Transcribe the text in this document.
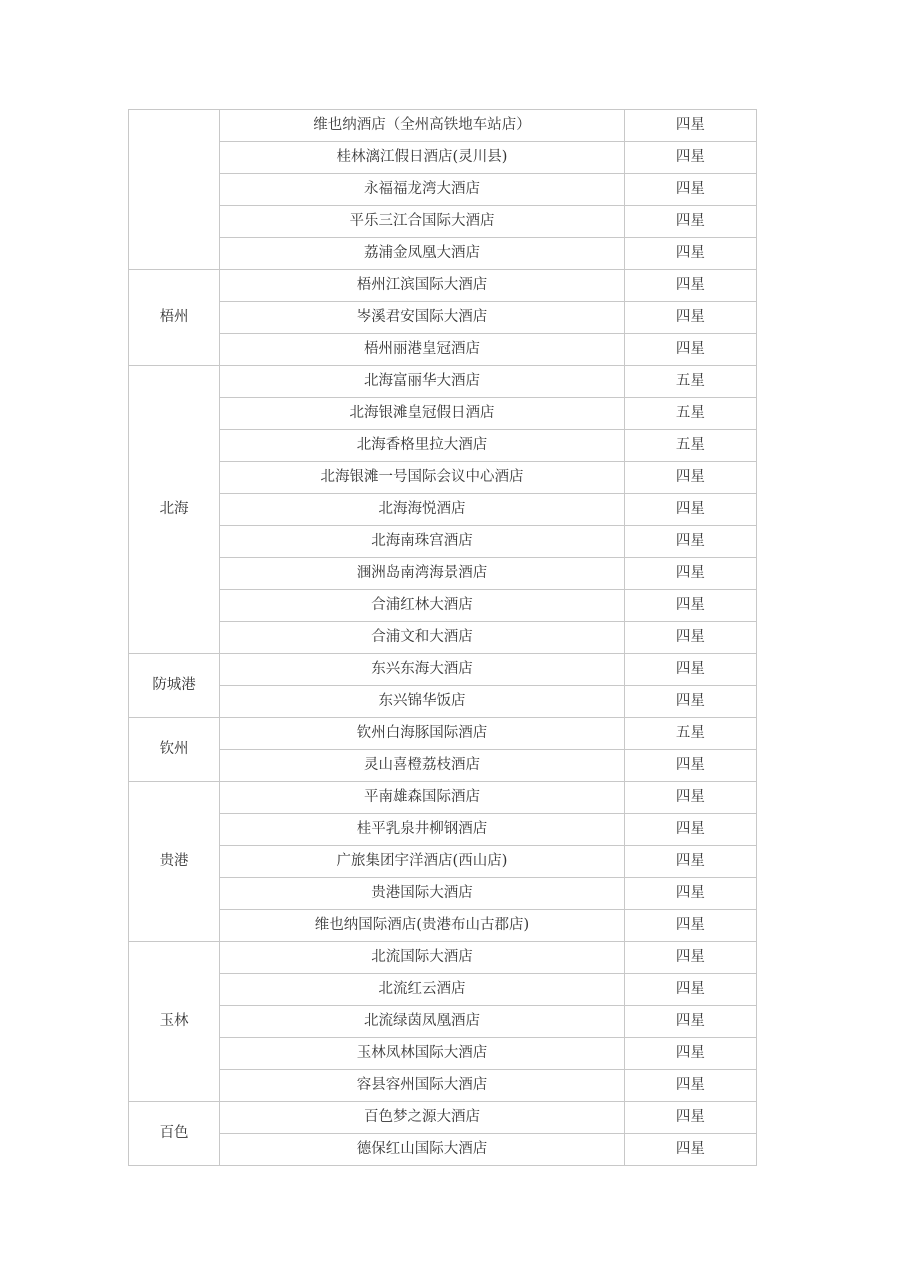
	维也纳酒店（全州高铁地车站店）	四星
	桂林漓江假日酒店(灵川县)	四星
	永福福龙湾大酒店	四星
	平乐三江合国际大酒店	四星
	荔浦金凤凰大酒店	四星
梧州	梧州江滨国际大酒店	四星
	岑溪君安国际大酒店	四星
	梧州丽港皇冠酒店	四星
北海	北海富丽华大酒店	五星
	北海银滩皇冠假日酒店	五星
	北海香格里拉大酒店	五星
	北海银滩一号国际会议中心酒店	四星
	北海海悦酒店	四星
	北海南珠宫酒店	四星
	涠洲岛南湾海景酒店	四星
	合浦红林大酒店	四星
	合浦文和大酒店	四星
防城港	东兴东海大酒店	四星
	东兴锦华饭店	四星
钦州	钦州白海豚国际酒店	五星
	灵山喜橙荔枝酒店	四星
贵港	平南雄森国际酒店	四星
	桂平乳泉井柳钢酒店	四星
	广旅集团宇洋酒店(西山店)	四星
	贵港国际大酒店	四星
	维也纳国际酒店(贵港布山古郡店)	四星
玉林	北流国际大酒店	四星
	北流红云酒店	四星
	北流绿茵凤凰酒店	四星
	玉林凤林国际大酒店	四星
	容县容州国际大酒店	四星
百色	百色梦之源大酒店	四星
	德保红山国际大酒店	四星
